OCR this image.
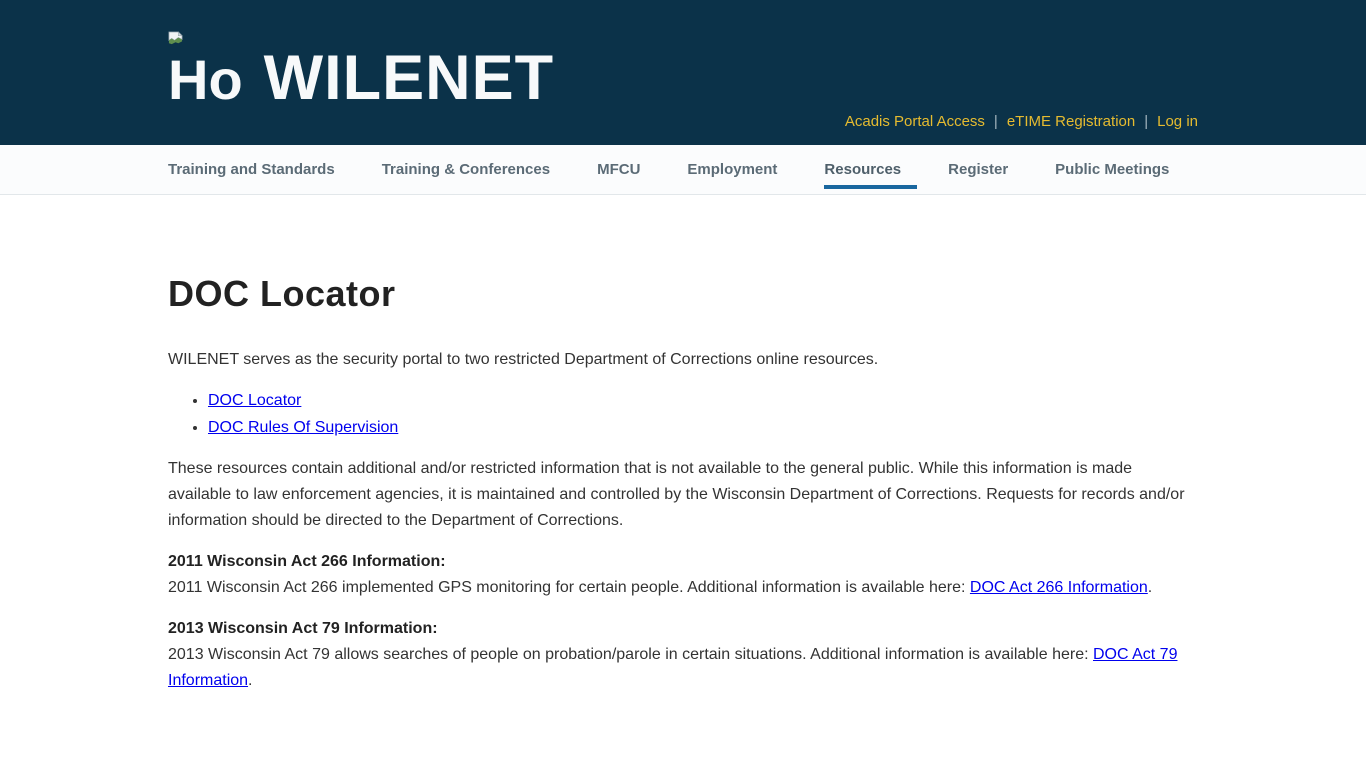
Ho WILENET
Acadis Portal Access | eTIME Registration | Log in
Training and Standards	Training & Conferences	MFCU	Employment	Resources	Register	Public Meetings
DOC Locator

WILENET serves as the security portal to two restricted Department of Corrections online resources.

• DOC Locator
• DOC Rules Of Supervision

These resources contain additional and/or restricted information that is not available to the general public. While this information is made available to law enforcement agencies, it is maintained and controlled by the Wisconsin Department of Corrections. Requests for records and/or information should be directed to the Department of Corrections.

2011 Wisconsin Act 266 Information:
2011 Wisconsin Act 266 implemented GPS monitoring for certain people. Additional information is available here: DOC Act 266 Information.

2013 Wisconsin Act 79 Information:
2013 Wisconsin Act 79 allows searches of people on probation/parole in certain situations. Additional information is available here: DOC Act 79 Information.
